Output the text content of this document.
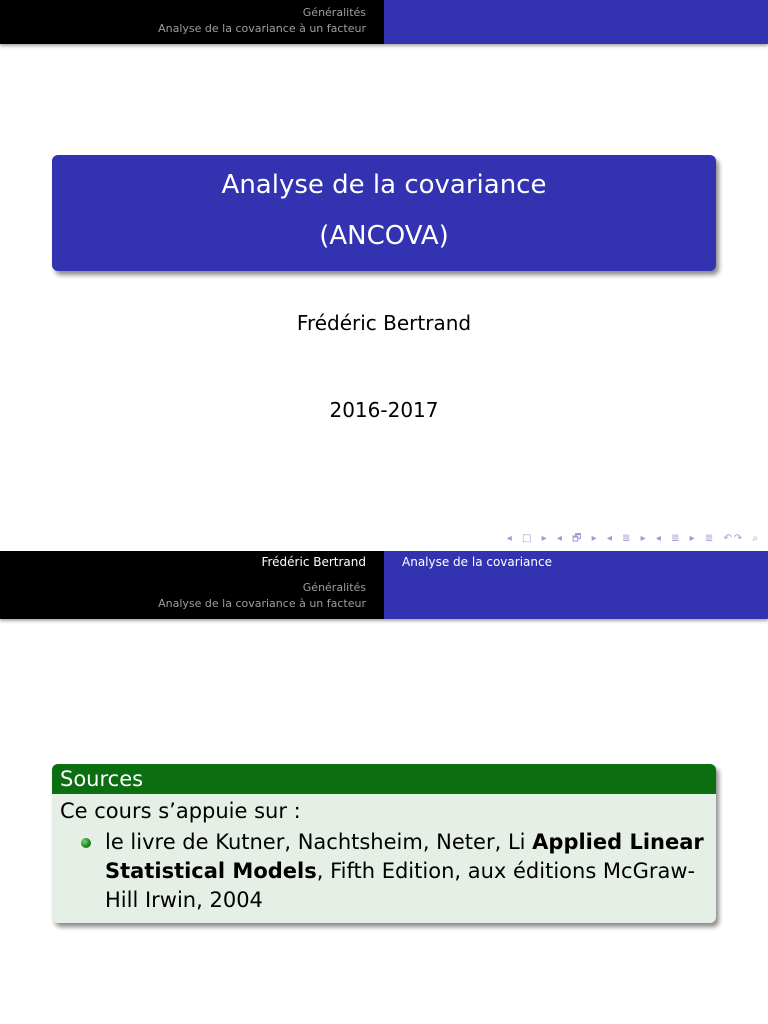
Généralités
Analyse de la covariance à un facteur
Analyse de la covariance
(ANCOVA)
Frédéric Bertrand
2016-2017
◂ □ ▸ ◂ 🗗 ▸ ◂ ≣ ▸ ◂ ≣ ▸ ≣ ↶↷ ⌕
Frédéric Bertrand	Analyse de la covariance
Généralités
Analyse de la covariance à un facteur
Sources
Ce cours s’appuie sur :
le livre de Kutner, Nachtsheim, Neter, Li Applied Linear Statistical Models, Fifth Edition, aux éditions McGraw-Hill Irwin, 2004
